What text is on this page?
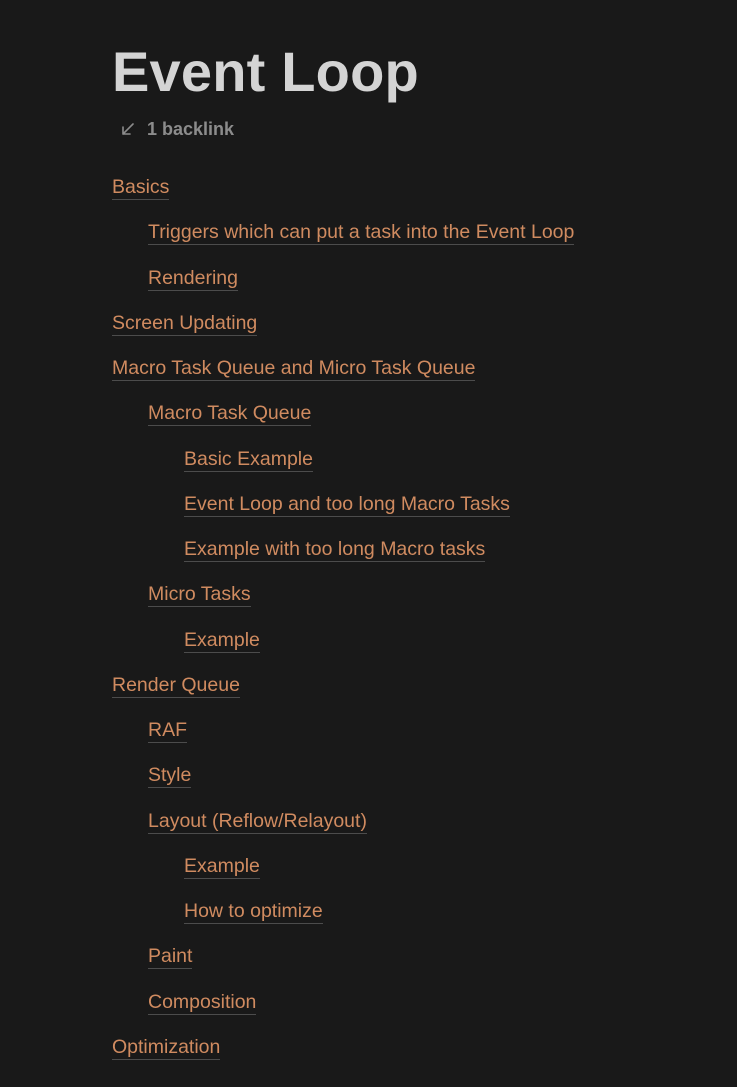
Event Loop
1 backlink
Basics
Triggers which can put a task into the Event Loop
Rendering
Screen Updating
Macro Task Queue and Micro Task Queue
Macro Task Queue
Basic Example
Event Loop and too long Macro Tasks
Example with too long Macro tasks
Micro Tasks
Example
Render Queue
RAF
Style
Layout (Reflow/Relayout)
Example
How to optimize
Paint
Composition
Optimization
